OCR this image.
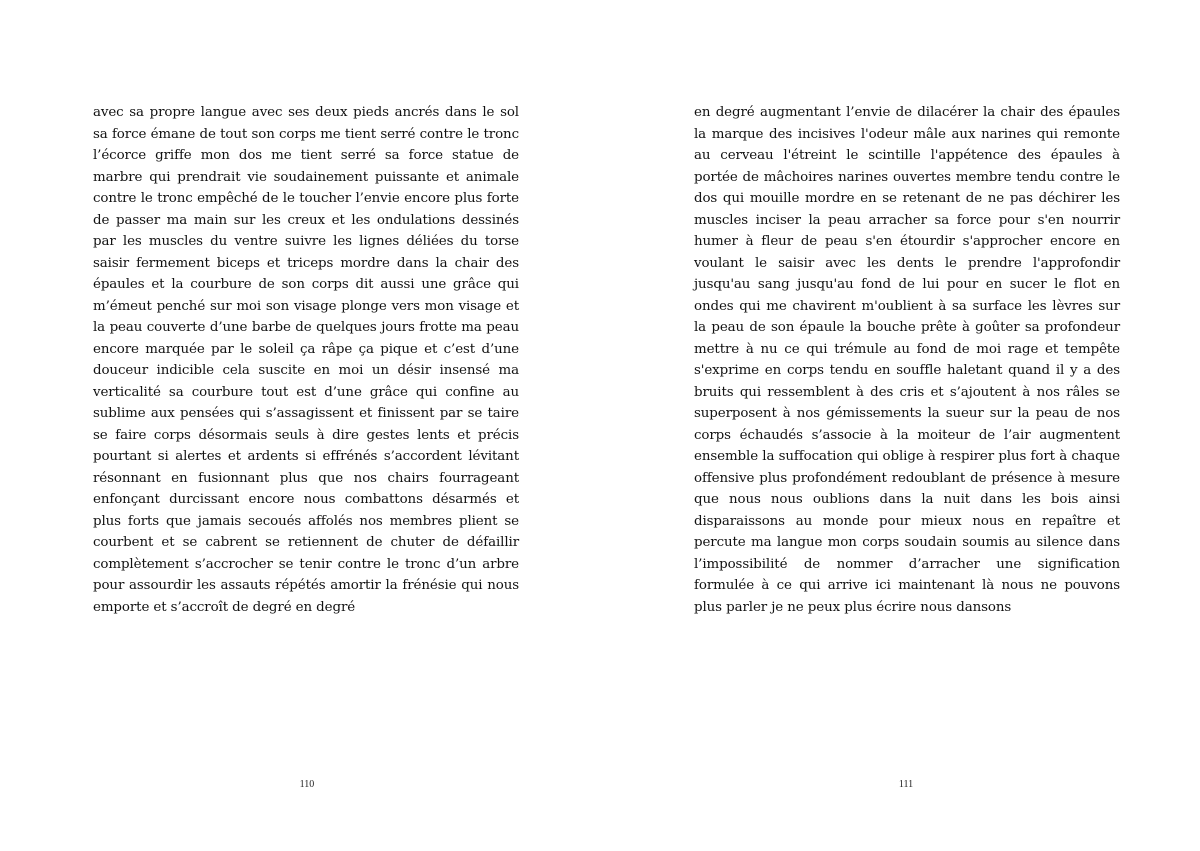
avec sa propre langue avec ses deux pieds ancrés dans le sol sa force émane de tout son corps me tient serré contre le tronc l’écorce griffe mon dos me tient serré sa force statue de marbre qui prendrait vie soudainement puissante et animale contre le tronc empêché de le toucher l’envie encore plus forte de passer ma main sur les creux et les ondulations dessinés par les muscles du ventre suivre les lignes déliées du torse saisir fermement biceps et triceps mordre dans la chair des épaules et la courbure de son corps dit aussi une grâce qui m’émeut penché sur moi son visage plonge vers mon visage et la peau couverte d’une barbe de quelques jours frotte ma peau encore marquée par le soleil ça râpe ça pique et c’est d’une douceur indicible cela suscite en moi un désir insensé ma verticalité sa courbure tout est d’une grâce qui confine au sublime aux pensées qui s’assagissent et finissent par se taire se faire corps désormais seuls à dire gestes lents et précis pourtant si alertes et ardents si effrénés s’accordent lévitant résonnant en fusionnant plus que nos chairs fourrageant enfonçant durcissant encore nous combattons désarmés et plus forts que jamais secoués affolés nos membres plient se courbent et se cabrent se retiennent de chuter de défaillir complètement s’accrocher se tenir contre le tronc d’un arbre pour assourdir les assauts répétés amortir la frénésie qui nous emporte et s’accroît de degré en degré

110

en degré augmentant l’envie de dilacérer la chair des épaules la marque des incisives l'odeur mâle aux narines qui remonte au cerveau l'étreint le scintille l'appétence des épaules à portée de mâchoires narines ouvertes membre tendu contre le dos qui mouille mordre en se retenant de ne pas déchirer les muscles inciser la peau arracher sa force pour s'en nourrir humer à fleur de peau s'en étourdir s'approcher encore en voulant le saisir avec les dents le prendre l'approfondir jusqu'au sang jusqu'au fond de lui pour en sucer le flot en ondes qui me chavirent m'oublient à sa surface les lèvres sur la peau de son épaule la bouche prête à goûter sa profondeur mettre à nu ce qui trémule au fond de moi rage et tempête s'exprime en corps tendu en souffle haletant quand il y a des bruits qui ressemblent à des cris et s’ajoutent à nos râles se superposent à nos gémissements la sueur sur la peau de nos corps échaudés s’associe à la moiteur de l’air augmentent ensemble la suffocation qui oblige à respirer plus fort à chaque offensive plus profondément redoublant de présence à mesure que nous nous oublions dans la nuit dans les bois ainsi disparaissons au monde pour mieux nous en repaître et percute ma langue mon corps soudain soumis au silence dans l’impossibilité de nommer d’arracher une signification formulée à ce qui arrive ici maintenant là nous ne pouvons plus parler je ne peux plus écrire nous dansons

111
